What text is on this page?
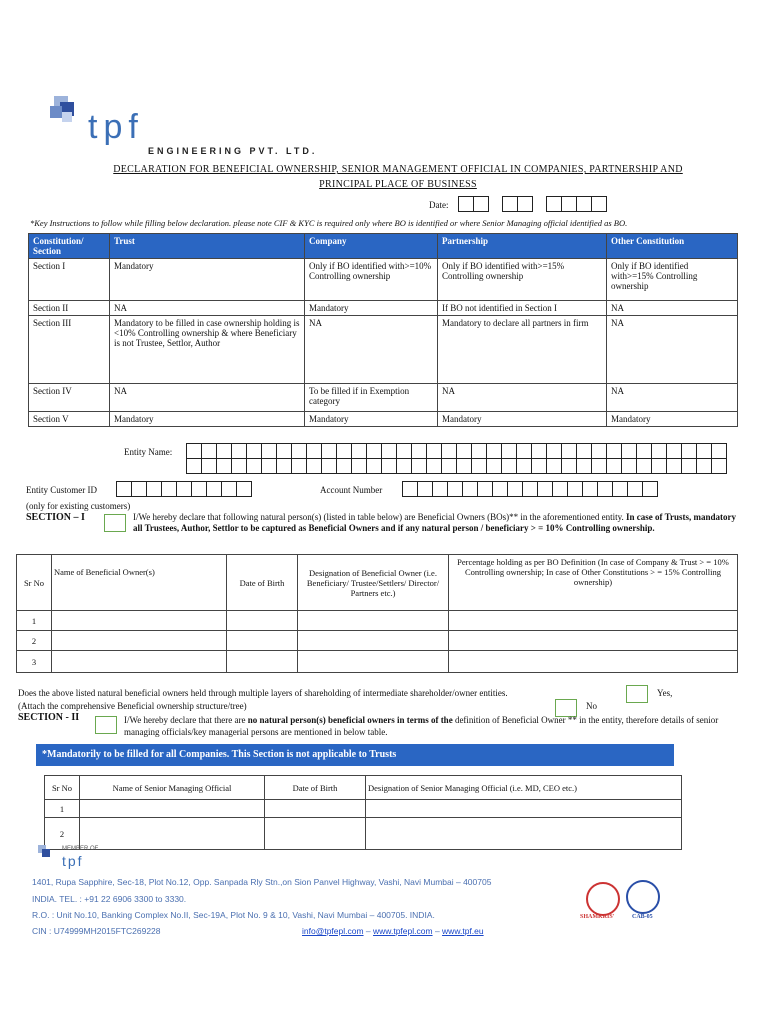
tpf
ENGINEERING PVT. LTD.
DECLARATION FOR BENEFICIAL OWNERSHIP, SENIOR MANAGEMENT OFFICIAL IN COMPANIES, PARTNERSHIP AND
PRINCIPAL PLACE OF BUSINESS
Date:
*Key Instructions to follow while filling below declaration. please note CIF & KYC is required only where BO is identified or where Senior Managing official identified as BO.
Constitution/ Section	Trust	Company	Partnership	Other Constitution
Section I	Mandatory	Only if BO identified with>=10% Controlling ownership	Only if BO identified with>=15% Controlling ownership	Only if BO identified with>=15% Controlling ownership
Section II	NA	Mandatory	If BO not identified in Section I	NA
Section III	Mandatory to be filled in case ownership holding is <10% Controlling ownership & where Beneficiary is not Trustee, Settlor, Author	NA	Mandatory to declare all partners in firm	NA
Section IV	NA	To be filled if in Exemption category	NA	NA
Section V	Mandatory	Mandatory	Mandatory	Mandatory
Entity Name:
Entity Customer ID	Account Number
(only for existing customers)
SECTION – I	I/We hereby declare that following natural person(s) (listed in table below) are Beneficial Owners (BOs)** in the aforementioned entity. In case of Trusts, mandatory all Trustees, Author, Settlor to be captured as Beneficial Owners and if any natural person / beneficiary > = 10% Controlling ownership.
Sr No	Name of Beneficial Owner(s)	Date of Birth	Designation of Beneficial Owner (i.e. Beneficiary/ Trustee/Settlers/ Director/ Partners etc.)	Percentage holding as per BO Definition (In case of Company & Trust > = 10% Controlling ownership; In case of Other Constitutions > = 15% Controlling ownership)
1				
2				
3				
Does the above listed natural beneficial owners held through multiple layers of shareholding of intermediate shareholder/owner entities.	Yes,
(Attach the comprehensive Beneficial ownership structure/tree)	No
SECTION - II	I/We hereby declare that there are no natural person(s) beneficial owners in terms of the definition of Beneficial Owner ** in the entity, therefore details of senior managing officials/key managerial persons are mentioned in below table.
*Mandatorily to be filled for all Companies. This Section is not applicable to Trusts
Sr No	Name of Senior Managing Official	Date of Birth	Designation of Senior Managing Official (i.e. MD, CEO etc.)
1			
2			
MEMBER OF
tpf
1401, Rupa Sapphire, Sec-18, Plot No.12, Opp. Sanpada Rly Stn.,on Sion Panvel Highway, Vashi, Navi Mumbai – 400705
INDIA. TEL. : +91 22 6906 3300 to 3330.
R.O. : Unit No.10, Banking Complex No.II, Sec-19A, Plot No. 9 & 10, Vashi, Navi Mumbai – 400705. INDIA.
CIN : U74999MH2015FTC269228	info@tpfepl.com – www.tpfepl.com – www.tpf.eu
SHAMKRIS'	CAB-05
